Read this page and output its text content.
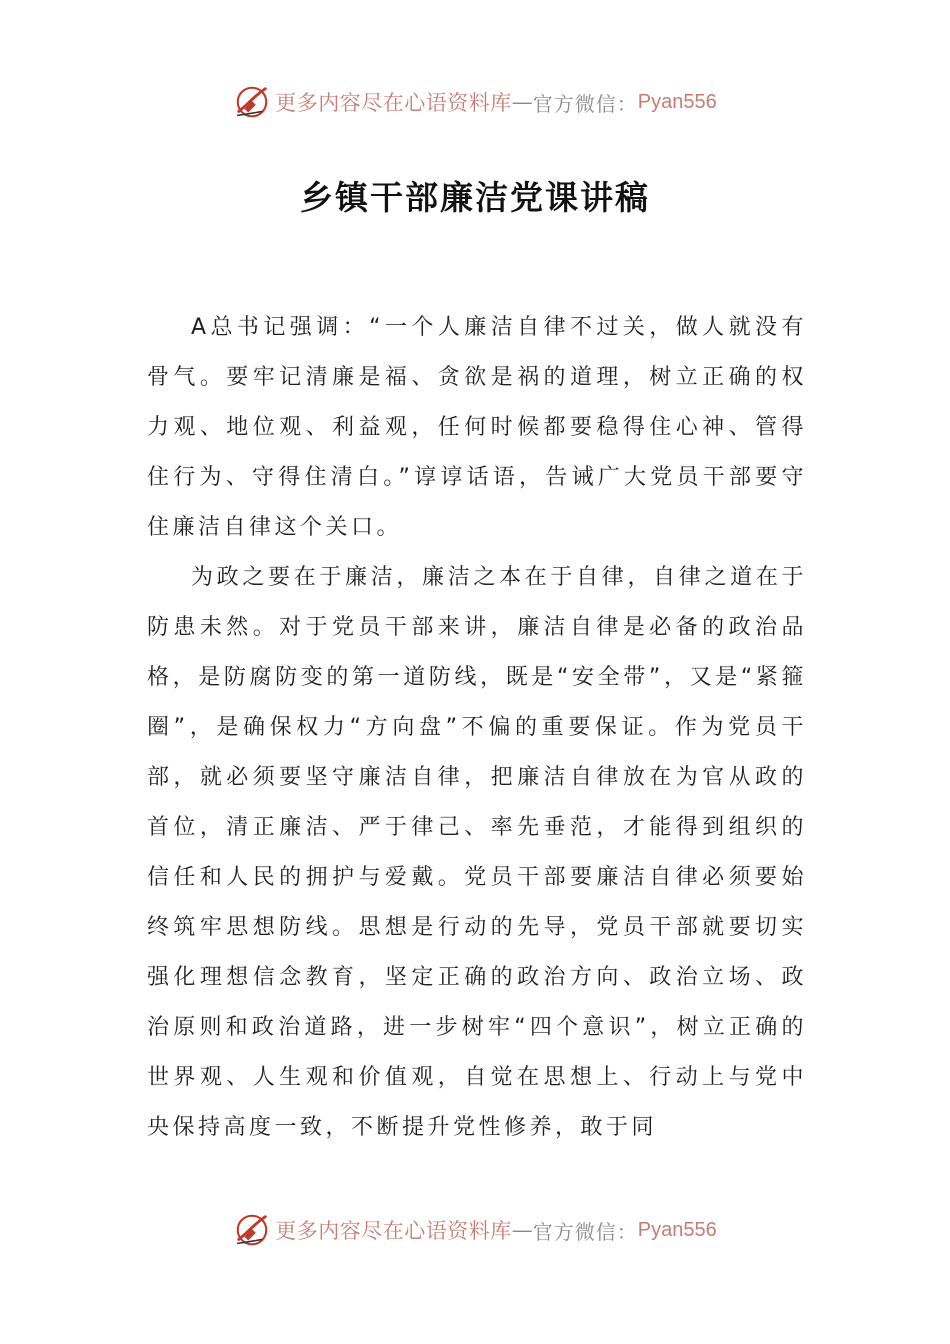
更多内容尽在心语资料库 — 官方微信： Pyan556
乡镇干部廉洁党课讲稿

A总书记强调：“一个人廉洁自律不过关，做人就没有骨气。要牢记清廉是福、贪欲是祸的道理，树立正确的权力观、地位观、利益观，任何时候都要稳得住心神、管得住行为、守得住清白。”谆谆话语，告诫广大党员干部要守住廉洁自律这个关口。

为政之要在于廉洁，廉洁之本在于自律，自律之道在于防患未然。对于党员干部来讲，廉洁自律是必备的政治品格，是防腐防变的第一道防线，既是“安全带”，又是“紧箍圈”，是确保权力“方向盘”不偏的重要保证。作为党员干部，就必须要坚守廉洁自律，把廉洁自律放在为官从政的首位，清正廉洁、严于律己、率先垂范，才能得到组织的信任和人民的拥护与爱戴。党员干部要廉洁自律必须要始终筑牢思想防线。思想是行动的先导，党员干部就要切实强化理想信念教育，坚定正确的政治方向、政治立场、政治原则和政治道路，进一步树牢“四个意识”，树立正确的世界观、人生观和价值观，自觉在思想上、行动上与党中央保持高度一致，不断提升党性修养，敢于同

更多内容尽在心语资料库 — 官方微信： Pyan556
